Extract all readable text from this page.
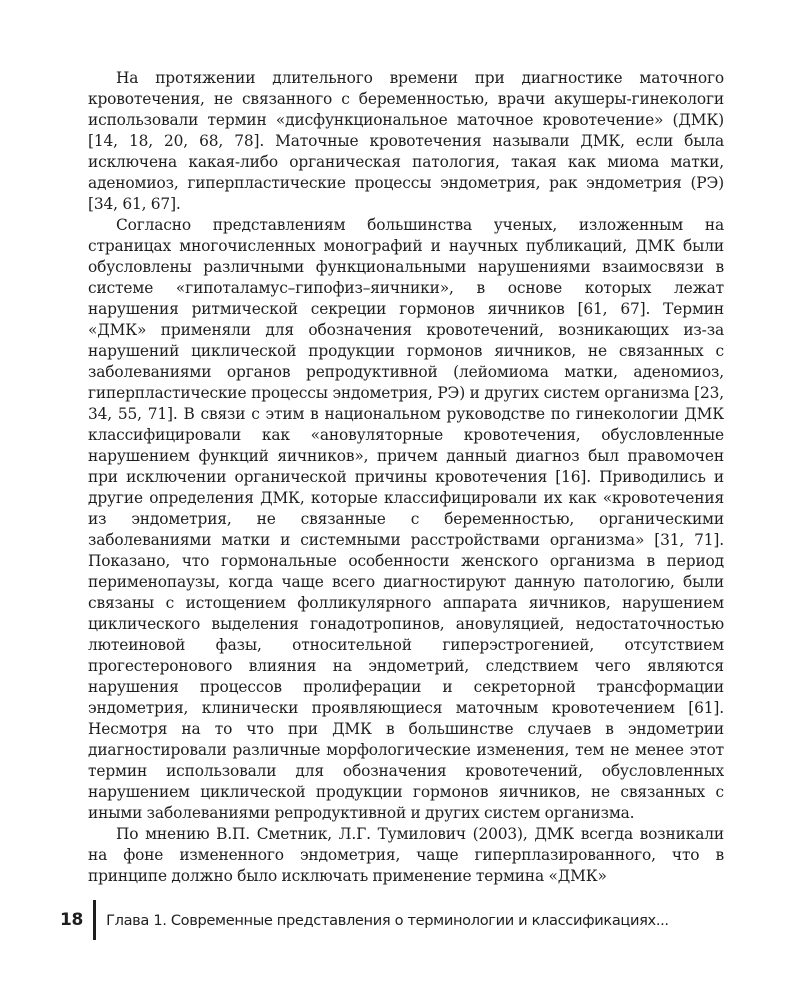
На протяжении длительного времени при диагностике маточного кровотечения, не связанного с беременностью, врачи акушеры-гинекологи использовали термин «дисфункциональное маточное кровотечение» (ДМК) [14, 18, 20, 68, 78]. Маточные кровотечения называли ДМК, если была исключена какая-либо органическая патология, такая как миома матки, аденомиоз, гиперпластические процессы эндометрия, рак эндометрия (РЭ) [34, 61, 67].

Согласно представлениям большинства ученых, изложенным на страницах многочисленных монографий и научных публикаций, ДМК были обусловлены различными функциональными нарушениями взаимосвязи в системе «гипоталамус–гипофиз–яичники», в основе которых лежат нарушения ритмической секреции гормонов яичников [61, 67]. Термин «ДМК» применяли для обозначения кровотечений, возникающих из-за нарушений циклической продукции гормонов яичников, не связанных с заболеваниями органов репродуктивной (лейомиома матки, аденомиоз, гиперпластические процессы эндометрия, РЭ) и других систем организма [23, 34, 55, 71]. В связи с этим в национальном руководстве по гинекологии ДМК классифицировали как «ановуляторные кровотечения, обусловленные нарушением функций яичников», причем данный диагноз был правомочен при исключении органической причины кровотечения [16]. Приводились и другие определения ДМК, которые классифицировали их как «кровотечения из эндометрия, не связанные с беременностью, органическими заболеваниями матки и системными расстройствами организма» [31, 71]. Показано, что гормональные особенности женского организма в период перименопаузы, когда чаще всего диагностируют данную патологию, были связаны с истощением фолликулярного аппарата яичников, нарушением циклического выделения гонадотропинов, ановуляцией, недостаточностью лютеиновой фазы, относительной гиперэстрогенией, отсутствием прогестеронового влияния на эндометрий, следствием чего являются нарушения процессов пролиферации и секреторной трансформации эндометрия, клинически проявляющиеся маточным кровотечением [61]. Несмотря на то что при ДМК в большинстве случаев в эндометрии диагностировали различные морфологические изменения, тем не менее этот термин использовали для обозначения кровотечений, обусловленных нарушением циклической продукции гормонов яичников, не связанных с иными заболеваниями репродуктивной и других систем организма.

По мнению В.П. Сметник, Л.Г. Тумилович (2003), ДМК всегда возникали на фоне измененного эндометрия, чаще гиперплазированного, что в принципе должно было исключать применение термина «ДМК»

18 Глава 1. Современные представления о терминологии и классификациях...
